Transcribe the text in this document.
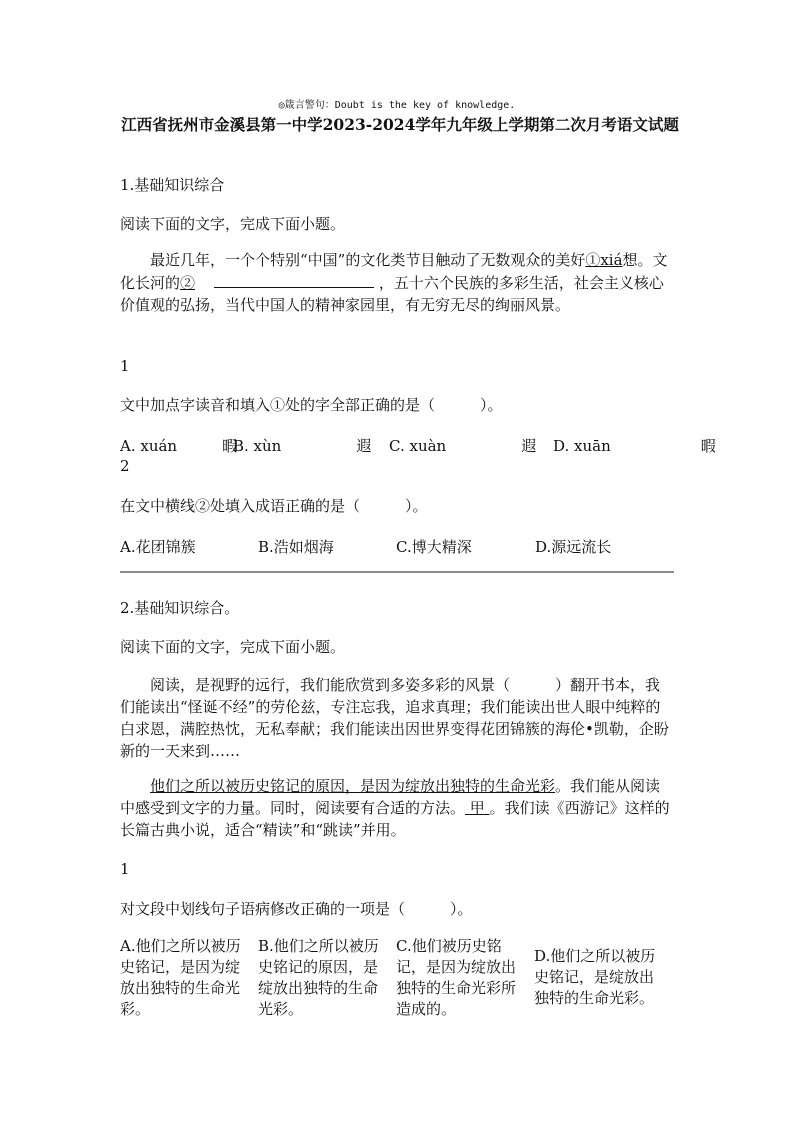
◎箴言警句：Doubt is the key of knowledge.
江西省抚州市金溪县第一中学2023-2024学年九年级上学期第二次月考语文试题
1.基础知识综合
阅读下面的文字，完成下面小题。
最近几年，一个个特别“中国”的文化类节目触动了无数观众的美好①xiá想。文化长河的②	，五十六个民族的多彩生活，社会主义核心价值观的弘扬，当代中国人的精神家园里，有无穷无尽的绚丽风景。
1
文中加点字读音和填入①处的字全部正确的是（　　　）。
A. xuán　　　暇
B. xùn　　　　　遐 C. xuàn　　　　　遐 D. xuān　　　　　　暇
2
在文中横线②处填入成语正确的是（　　　）。
A.花团锦簇	B.浩如烟海	C.博大精深	D.源远流长
2.基础知识综合。
阅读下面的文字，完成下面小题。
阅读，是视野的远行，我们能欣赏到多姿多彩的风景（　　　）翻开书本，我们能读出“怪诞不经”的劳伦兹，专注忘我，追求真理；我们能读出世人眼中纯粹的白求恩，满腔热忱，无私奉献；我们能读出因世界变得花团锦簇的海伦•凯勒，企盼新的一天来到……
他们之所以被历史铭记的原因，是因为绽放出独特的生命光彩。我们能从阅读中感受到文字的力量。同时，阅读要有合适的方法。 甲 。我们读《西游记》这样的长篇古典小说，适合“精读”和“跳读”并用。
1
对文段中划线句子语病修改正确的一项是（　　　）。
A.他们之所以被历史铭记，是因为绽放出独特的生命光彩。
B.他们之所以被历史铭记的原因，是绽放出独特的生命光彩。
C.他们被历史铭记，是因为绽放出独特的生命光彩所造成的。
D.他们之所以被历史铭记，是绽放出独特的生命光彩。
